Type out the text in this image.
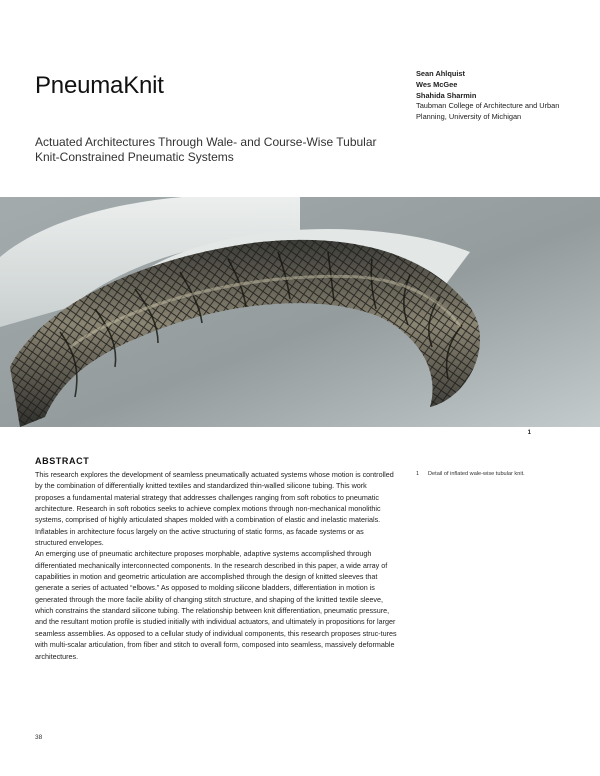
PneumaKnit
Actuated Architectures Through Wale- and Course-Wise Tubular Knit-Constrained Pneumatic Systems
Sean Ahlquist
Wes McGee
Shahida Sharmin
Taubman College of Architecture and Urban Planning, University of Michigan
1
ABSTRACT

This research explores the development of seamless pneumatically actuated systems whose motion is controlled by the combination of differentially knitted textiles and standardized thin-walled silicone tubing. This work proposes a fundamental material strategy that addresses challenges ranging from soft robotics to pneumatic architecture. Research in soft robotics seeks to achieve complex motions through non-mechanical monolithic systems, comprised of highly articulated shapes molded with a combination of elastic and inelastic materials. Inflatables in architecture focus largely on the active structuring of static forms, as facade systems or as structured envelopes.

An emerging use of pneumatic architecture proposes morphable, adaptive systems accomplished through differentiated mechanically interconnected components. In the research described in this paper, a wide array of capabilities in motion and geometric articulation are accomplished through the design of knitted sleeves that generate a series of actuated “elbows.” As opposed to molding silicone bladders, differentiation in motion is generated through the more facile ability of changing stitch structure, and shaping of the knitted textile sleeve, which constrains the standard silicone tubing. The relationship between knit differentiation, pneumatic pressure, and the resultant motion profile is studied initially with individual actuators, and ultimately in propositions for larger seamless assemblies. As opposed to a cellular study of individual components, this research proposes struc-tures with multi-scalar articulation, from fiber and stitch to overall form, composed into seamless, massively deformable architectures.

1 Detail of inflated wale-wise tubular knit.
38
